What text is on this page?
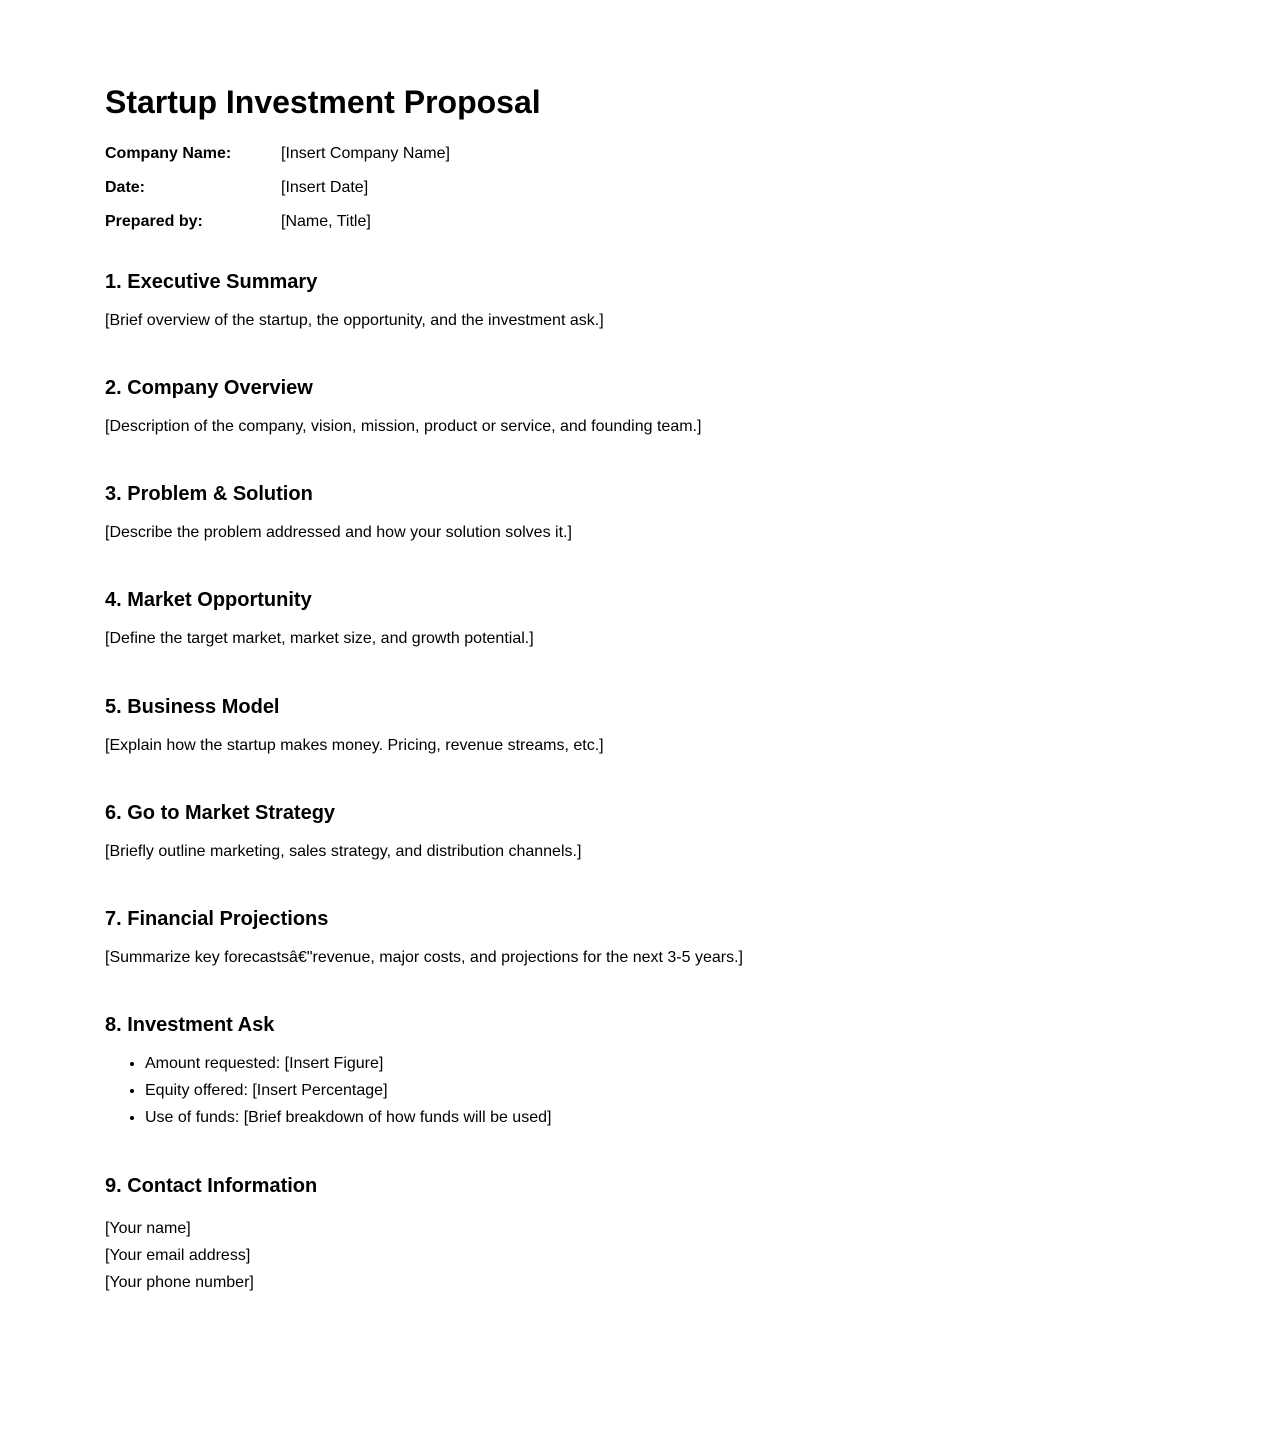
Startup Investment Proposal
Company Name:	[Insert Company Name]
Date:	[Insert Date]
Prepared by:	[Name, Title]
1. Executive Summary

[Brief overview of the startup, the opportunity, and the investment ask.]

2. Company Overview

[Description of the company, vision, mission, product or service, and founding team.]

3. Problem & Solution

[Describe the problem addressed and how your solution solves it.]

4. Market Opportunity

[Define the target market, market size, and growth potential.]

5. Business Model

[Explain how the startup makes money. Pricing, revenue streams, etc.]

6. Go to Market Strategy

[Briefly outline marketing, sales strategy, and distribution channels.]

7. Financial Projections

[Summarize key forecastsâ€"revenue, major costs, and projections for the next 3-5 years.]

8. Investment Ask
• Amount requested: [Insert Figure]
• Equity offered: [Insert Percentage]
• Use of funds: [Brief breakdown of how funds will be used]
9. Contact Information
[Your name]
[Your email address]
[Your phone number]
